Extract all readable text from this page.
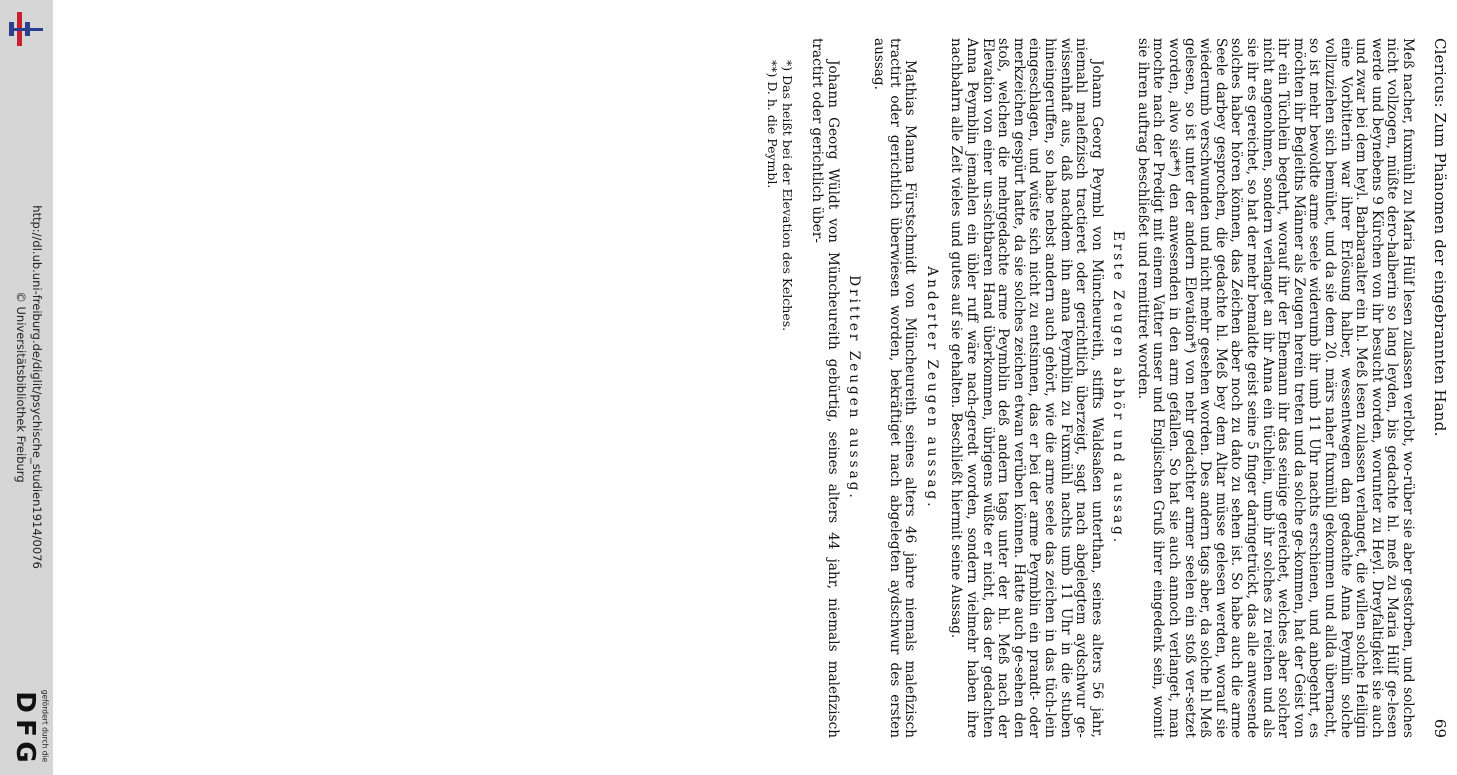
http://dl.ub.uni-freiburg.de/diglit/psychische_studien1914/0076
© Universitätsbibliothek Freiburg
D
F
G gefördert durch die
Clericus: Zum Phänomen der eingebrannten Hand.
69

Meß nacher, fuxmühl zu Maria Hülf lesen zulassen verlobt, wo-rüber sie aber gestorben, und solches nicht vollzogen, müßte dero-halberin so lang leyden, bis gedachte hl. meß zu Maria Hülf ge-lesen werde und beynebens 9 Kürchen von ihr besucht worden, worunter zu Heyl. Dreyfaltigkeit sie auch und zwar bei dem heyl. Barbaraalter ein hl. Meß lesen zulassen verlanget, die willen solche Heiligin eine Vorbitterin war ihrer Erlösung halber, wessentwegen dan gedachte Anna Peymlin solche vollzuziehen sich bemühet, und da sie dem 20. märs naher fuxmühl gekommen und allda übernacht, so ist mehr bewoldte arme seele widerumb ihr umb 11 Uhr nachts erschienen, und anbegehrt, es möchten ihr Begleiths Männer als Zeugen herein treten und da solche ge-kommen, hat der Geist von ihr ein Tüchlein begehrt, worauf ihr der Ehemann ihr das seinige gereichet, welches aber solcher nicht angenohmen, sondern verlanget an ihr Anna ein tüchlein, umb ihr solches zu reichen und als sie ihr es gereichet, so hat der mehr bemaldte geist seine 5 finger daringetrückt, das alle anwesende solches haber hören können, das Zeichen aber noch zu dato zu sehen ist. So habe auch die arme Seele darbey gesprochen, die gedachte hl. Meß bey dem Altar müsse gelesen werden, worauf sie wiederumb verschwunden und nicht mehr gesehen worden. Des andern tags aber, da solche hl Meß gelesen, so ist unter der andern Elevation*) von nehr gedachter armer seelen ein stoß ver-setzet worden, alwo sie**) den anwesenden in den arm gefallen. So hat sie auch annoch verlanget, man mochte nach der Predigt mit einem Vatter unser und Englischen Gruß ihrer eingedenk sein, womit sie ihren auftrag beschließet und remittiret worden.

Erste Zeugen abhör und aussag.

Johann Georg Peymbl von Müncheureith, stiffts Waldsaßen unterthan, seines alters 56 jahr, niemahl malefizisch tractieret oder gerichtlich überzeigt, sagt nach abgelegtem aydschwur ge-wissenhaft aus, daß nachdem ihn anna Peymblin zu Fuxmühl nachts umb 11 Uhr in die stuben hineingeruffen, so habe nebst andern auch gehört, wie die arme seele das zeichen in das tüch-lein eingeschlagen, und wüste sich nicht zu entsinnen, das er bei der arme Peymblin ein prandt- oder merkzeichen gespürt hatte, da sie solches zeichen etwan verüben können. Hatte auch ge-sehen den stoß, welchen die mehrgedachte arme Peymblin deß andern tags unter der hl. Meß nach der Elevation von einer un-sichtbaren Hand überkommen, übrigens wüßte er nicht, das der gedachten Anna Peymblin jemahlen ein übler ruff wäre nach-geredt worden, sondern vielmehr haben ihre nachbahrn alle Zeit vieles und gutes auf sie gehalten. Beschließt hiermit seine Aussag.

Anderter Zeugen aussag.

Mathias Manna Fürstschmidt von Müncheureith seines alters 46 jahre niemals malefizisch tractirt oder gerichtlich überwiesen worden, bekräftiget nach abgelegten aydschwur des ersten aussag.

Dritter Zeugen aussag.

Johann Georg Wüldt von Müncheureith gebürtig, seines alters 44 jahr, niemals malefizisch tractirt oder gerichtlich über-

*) Das heißt bei der Elevation des Kelches.
**) D. h. die Peymbl.
